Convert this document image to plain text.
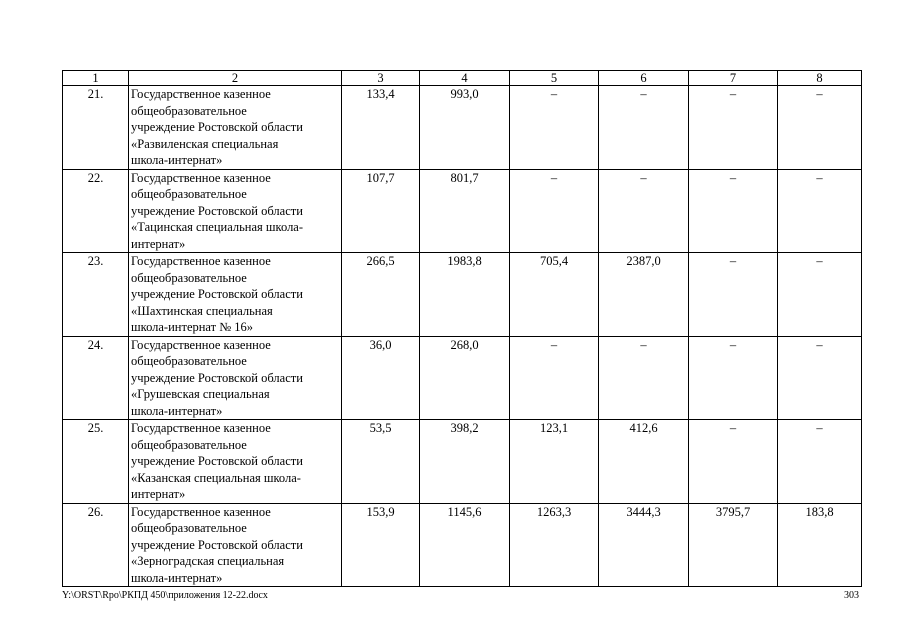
1	2	3	4	5	6	7	8
21.	Государственное казенное
общеобразовательное
учреждение Ростовской области
«Развиленская специальная
школа-интернат»	133,4	993,0	–	–	–	–
22.	Государственное казенное
общеобразовательное
учреждение Ростовской области
«Тацинская специальная школа-
интернат»	107,7	801,7	–	–	–	–
23.	Государственное казенное
общеобразовательное
учреждение Ростовской области
«Шахтинская специальная
школа-интернат № 16»	266,5	1983,8	705,4	2387,0	–	–
24.	Государственное казенное
общеобразовательное
учреждение Ростовской области
«Грушевская специальная
школа-интернат»	36,0	268,0	–	–	–	–
25.	Государственное казенное
общеобразовательное
учреждение Ростовской области
«Казанская специальная школа-
интернат»	53,5	398,2	123,1	412,6	–	–
26.	Государственное казенное
общеобразовательное
учреждение Ростовской области
«Зерноградская специальная
школа-интернат»	153,9	1145,6	1263,3	3444,3	3795,7	183,8
Y:\ORST\Rpo\РКПД 450\приложения 12-22.docx	303
